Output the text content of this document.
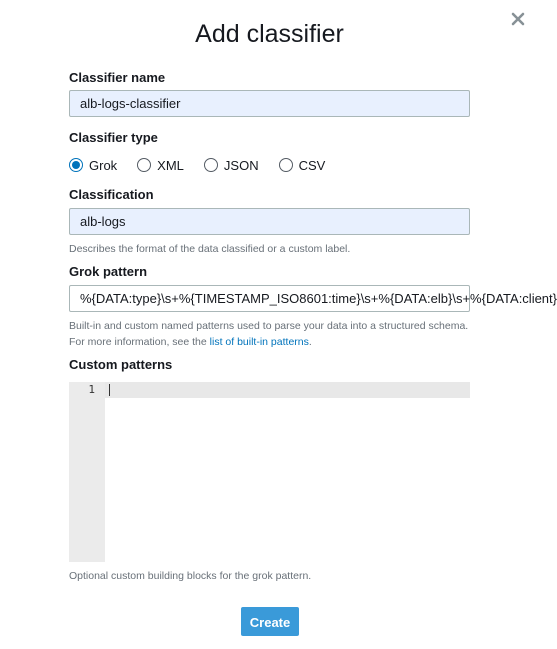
Add classifier
Classifier name
alb-logs-classifier
Classifier type
Grok	XML	JSON	CSV
Classification
alb-logs
Describes the format of the data classified or a custom label.
Grok pattern
%{DATA:type}\s+%{TIMESTAMP_ISO8601:time}\s+%{DATA:elb}\s+%{DATA:client}
Built-in and custom named patterns used to parse your data into a structured schema. For more information, see the list of built-in patterns.
Custom patterns
1
Optional custom building blocks for the grok pattern.
Create
